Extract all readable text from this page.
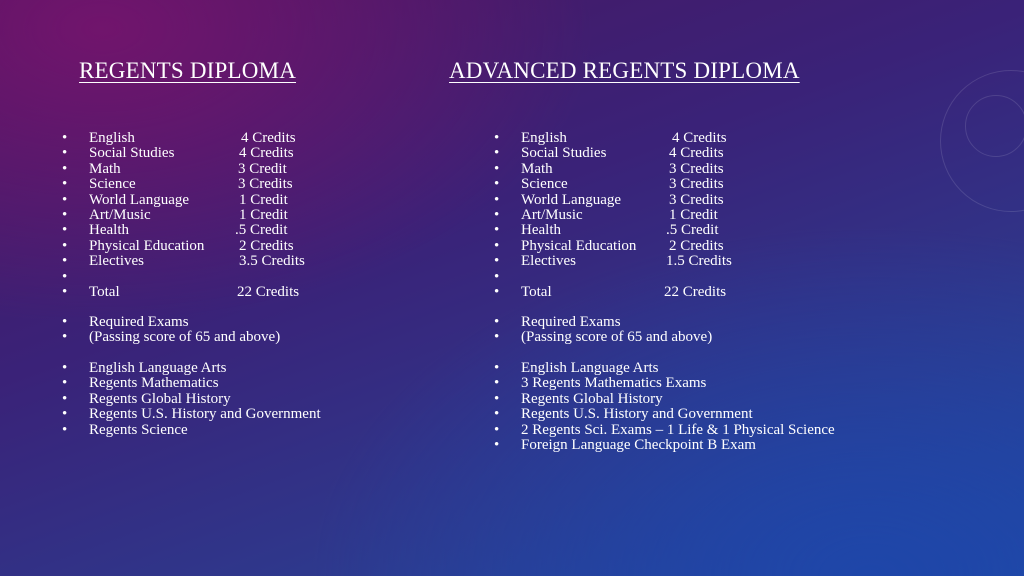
REGENTS DIPLOMA
• English	4 Credits
• Social Studies	4 Credits
• Math	3 Credit
• Science	3 Credits
• World Language	1 Credit
• Art/Music	1 Credit
• Health	.5 Credit
• Physical Education 2 Credits
• Electives	3.5 Credits
•
• Total	22 Credits
• Required Exams
• (Passing score of 65 and above)
• English Language Arts
• Regents Mathematics
• Regents Global History
• Regents U.S. History and Government
• Regents Science
ADVANCED REGENTS DIPLOMA
• English	4 Credits
• Social Studies	4 Credits
• Math	3 Credits
• Science	3 Credits
• World Language	3 Credits
• Art/Music	1 Credit
• Health	.5 Credit
• Physical Education 2 Credits
• Electives	1.5 Credits
•
• Total	22 Credits
• Required Exams
• (Passing score of 65 and above)
• English Language Arts
• 3 Regents Mathematics Exams
• Regents Global History
• Regents U.S. History and Government
• 2 Regents Sci. Exams – 1 Life & 1 Physical Science
• Foreign Language Checkpoint B Exam
